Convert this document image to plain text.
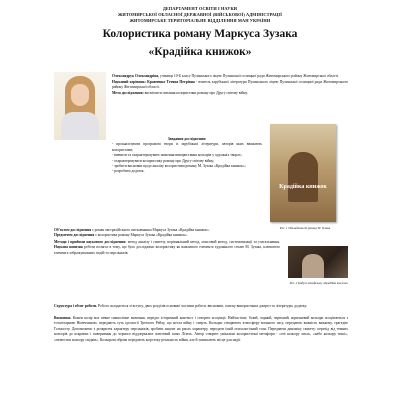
ДЕПАРТАМЕНТ ОСВІТИ І НАУКИ
ЖИТОМИРСЬКОЇ ОБЛАСНОЇ ДЕРЖАВНОЇ (ВІЙСЬКОВОЇ) АДМІНІСТРАЦІЇ
ЖИТОМИРСЬКЕ ТЕРИТОРІАЛЬНЕ ВІДДІЛЕННЯ МАН УКРАЇНИ
Колористика роману Маркуса Зузака
«Крадійка книжок»

Олександрук Олександріна, учениця 10-Б класу Пулинського ліцею Пулинської селищної ради Житомирського району Житомирської області.

Науковий керівник: Кравченко Тетяна Петрівна - вчитель зарубіжної літератури Пулинського ліцею Пулинської селищної ради Житомирського району Житомирської області.

Мета дослідження: висвітлити питання колористики роману про Другу світову війну.

Завдання дослідження:

- проаналізувати програмові твори із зарубіжної літератури, авторів яких вважають колористами;

- вивчити та охарактеризувати значення використання кольорів у художніх творах;

- охарактеризувати колористику роману про Другу світову війну;

- зробити висновки щодо аналізу колористики роману М. Зузака «Крадійка книжок»;

- розробити додаток.

Крадійка книжок
Рис. 1 Обкладинка до роману М. Зузака

Об'єктом дослідження є роман австралійського письменника Маркуса Зузака «Крадійка книжок».

Предметом дослідження є колористика роману Маркуса Зузака «Крадійка книжок».

Методи і прийоми наукового дослідження: метод аналізу і синтезу, порівняльний метод, описовий метод, систематизації та узагальнення. Наукова новизна роботи полягає в тому, що було досліджено колористику як важливого елемента художнього стилю М. Зузака, ключового елемента зображувальних подій та персонажів.

Рис. 2 Кадр із кінофільму «Крадійка книжок»

Структура і обсяг роботи. Робота складається зі вступу, двох розділів основної частини роботи, висновків, списку використаних джерел та літератури, додатку.

Висновки. Кожен колір має певне символічне значення, передає історичний контекст і створює асоціації. Найчастіше, білий, чорний, червоний, коричневий кольори асоціюються з тоталітарною Німеччиною, передають суть ідеології Третього Рейху, що несла війну і смерть. Кольори створюють атмосферу воєнного часу, передають важкість важкому, трагедію Голокосту. Допоможемо з розкриття характеру персонажів, зробити акцент на рисах характеру, передати їхній психологічний стан. Передаючи динаміку сюжету: перехід від темних кольорів до яскравих і повернення до чорного віддзеркалює життєвий шлях Лізель. Автор створює унікальні колористичні метафори - «очі кольору лиха», «небо кольору тиші», «пелюстки кольору свідків». Кольорові образи передають жорстоку реальність війни, але й залишають місце для надії.
